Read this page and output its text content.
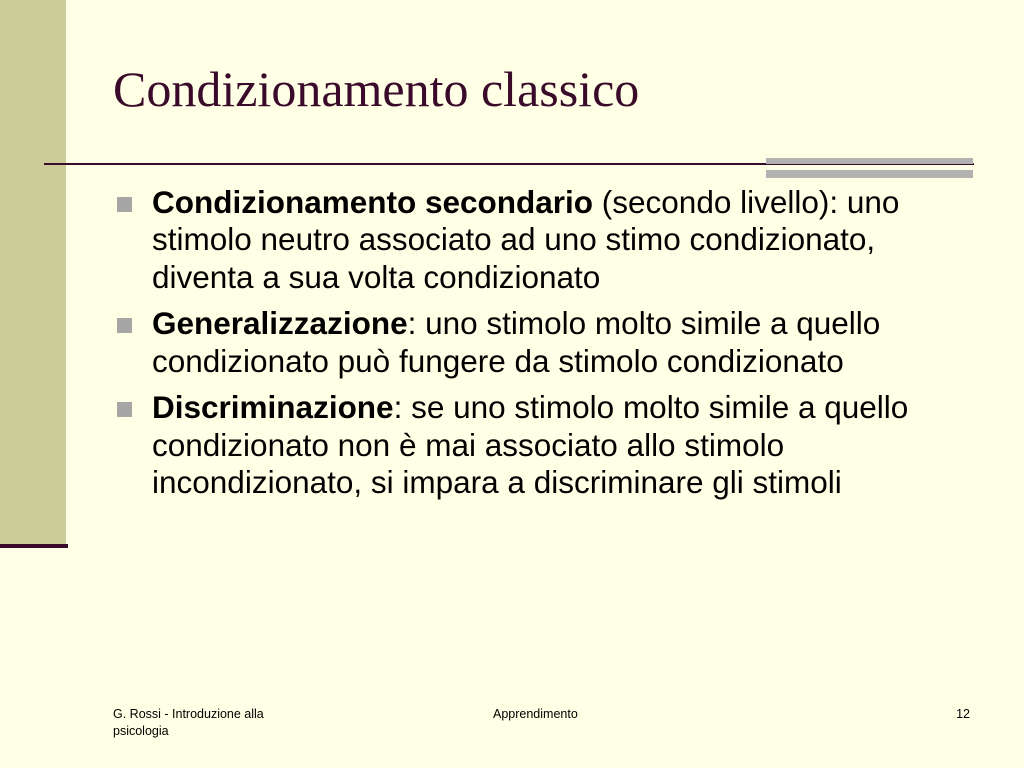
Condizionamento classico
Condizionamento secondario (secondo livello): uno stimolo neutro associato ad uno stimo condizionato, diventa a sua volta condizionato
Generalizzazione: uno stimolo molto simile a quello condizionato può fungere da stimolo condizionato
Discriminazione: se uno stimolo molto simile a quello condizionato non è mai associato allo stimolo incondizionato, si impara a discriminare gli stimoli
G. Rossi - Introduzione alla psicologia
Apprendimento	12
